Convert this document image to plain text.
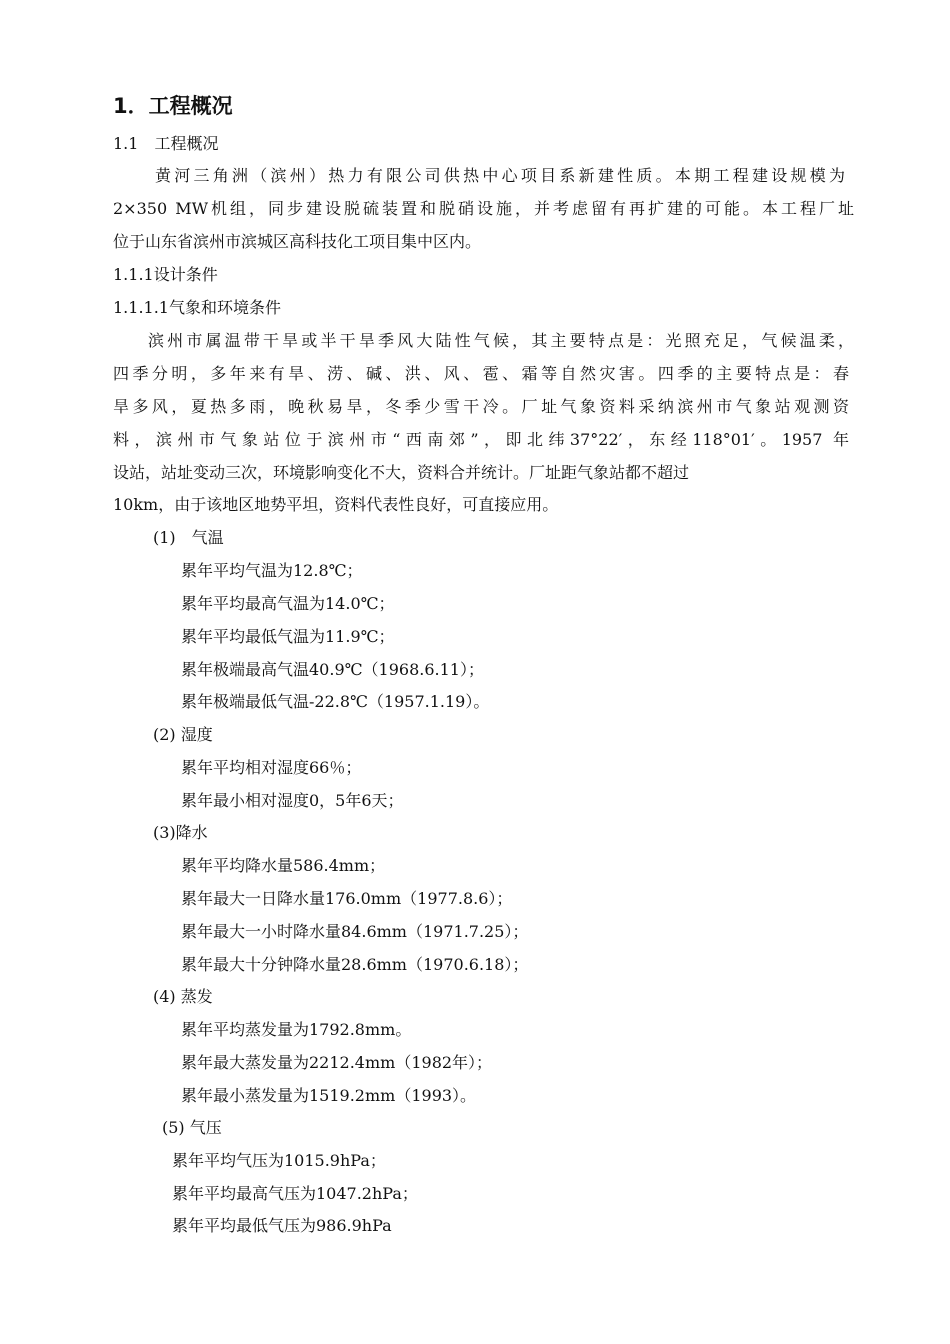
1．工程概况
1.1　工程概况
黄河三角洲（滨州）热力有限公司供热中心项目系新建性质。本期工程建设规模为
2×350 MW机组，同步建设脱硫装置和脱硝设施，并考虑留有再扩建的可能。本工程厂址
位于山东省滨州市滨城区高科技化工项目集中区内。
1.1.1设计条件
1.1.1.1气象和环境条件
滨州市属温带干旱或半干旱季风大陆性气候，其主要特点是：光照充足，气候温柔，
四季分明，多年来有旱、涝、碱、洪、风、雹、霜等自然灾害。四季的主要特点是：春
旱多风，夏热多雨，晚秋易旱，冬季少雪干冷。厂址气象资料采纳滨州市气象站观测资
料，滨州市气象站位于滨州市“西南郊”，即北纬37°22′，东经118°01′。1957 年
设站，站址变动三次，环境影响变化不大，资料合并统计。厂址距气象站都不超过
10km，由于该地区地势平坦，资料代表性良好，可直接应用。
(1)　气温
累年平均气温为12.8℃；
累年平均最高气温为14.0℃；
累年平均最低气温为11.9℃；
累年极端最高气温40.9℃（1968.6.11）；
累年极端最低气温-22.8℃（1957.1.19）。
(2) 湿度
累年平均相对湿度66％；
累年最小相对湿度0，5年6天；
(3)降水
累年平均降水量586.4mm；
累年最大一日降水量176.0mm（1977.8.6）；
累年最大一小时降水量84.6mm（1971.7.25）；
累年最大十分钟降水量28.6mm（1970.6.18）；
(4) 蒸发
累年平均蒸发量为1792.8mm。
累年最大蒸发量为2212.4mm（1982年）；
累年最小蒸发量为1519.2mm（1993）。
(5) 气压
累年平均气压为1015.9hPa；
累年平均最高气压为1047.2hPa；
累年平均最低气压为986.9hPa
